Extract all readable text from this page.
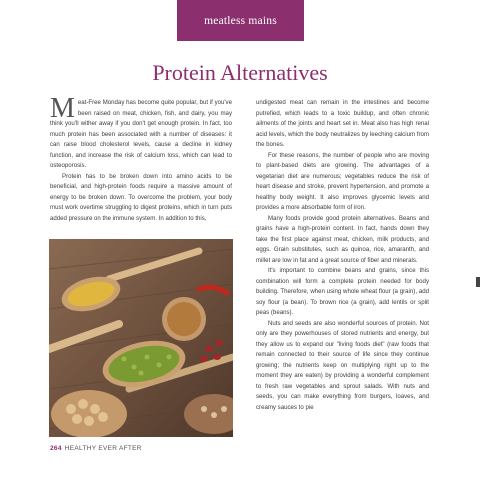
meatless mains
Protein Alternatives

Meat-Free Monday has become quite popular, but if you've been raised on meat, chicken, fish, and dairy, you may think you'll wither away if you don't get enough protein. In fact, too much protein has been associated with a number of diseases: it can raise blood cholesterol levels, cause a decline in kidney function, and increase the risk of calcium loss, which can lead to osteoporosis.

Protein has to be broken down into amino acids to be beneficial, and high-protein foods require a massive amount of energy to be broken down. To overcome the problem, your body must work overtime struggling to digest proteins, which in turn puts added pressure on the immune system. In addition to this,

undigested meat can remain in the intestines and become putrefied, which leads to a toxic buildup, and often chronic ailments of the joints and heart set in. Meat also has high renal acid levels, which the body neutralizes by leeching calcium from the bones.

For these reasons, the number of people who are moving to plant-based diets are growing. The advantages of a vegetarian diet are numerous; vegetables reduce the risk of heart disease and stroke, prevent hypertension, and promote a healthy body weight. It also improves glycemic levels and provides a more absorbable form of iron.

Many foods provide good protein alternatives. Beans and grains have a high-protein content. In fact, hands down they take the first place against meat, chicken, milk products, and eggs. Grain substitutes, such as quinoa, rice, amaranth, and millet are low in fat and a great source of fiber and minerals.

It's important to combine beans and grains, since this combination will form a complete protein needed for body building. Therefore, when using whole wheat flour (a grain), add soy flour (a bean). To brown rice (a grain), add lentils or split peas (beans).

Nuts and seeds are also wonderful sources of protein. Not only are they powerhouses of stored nutrients and energy, but they allow us to expand our "living foods diet" (raw foods that remain connected to their source of life since they continue growing; the nutrients keep on multiplying right up to the moment they are eaten) by providing a wonderful complement to fresh raw vegetables and sprout salads. With nuts and seeds, you can make everything from burgers, loaves, and creamy sauces to pie

264 HEALTHY EVER AFTER
